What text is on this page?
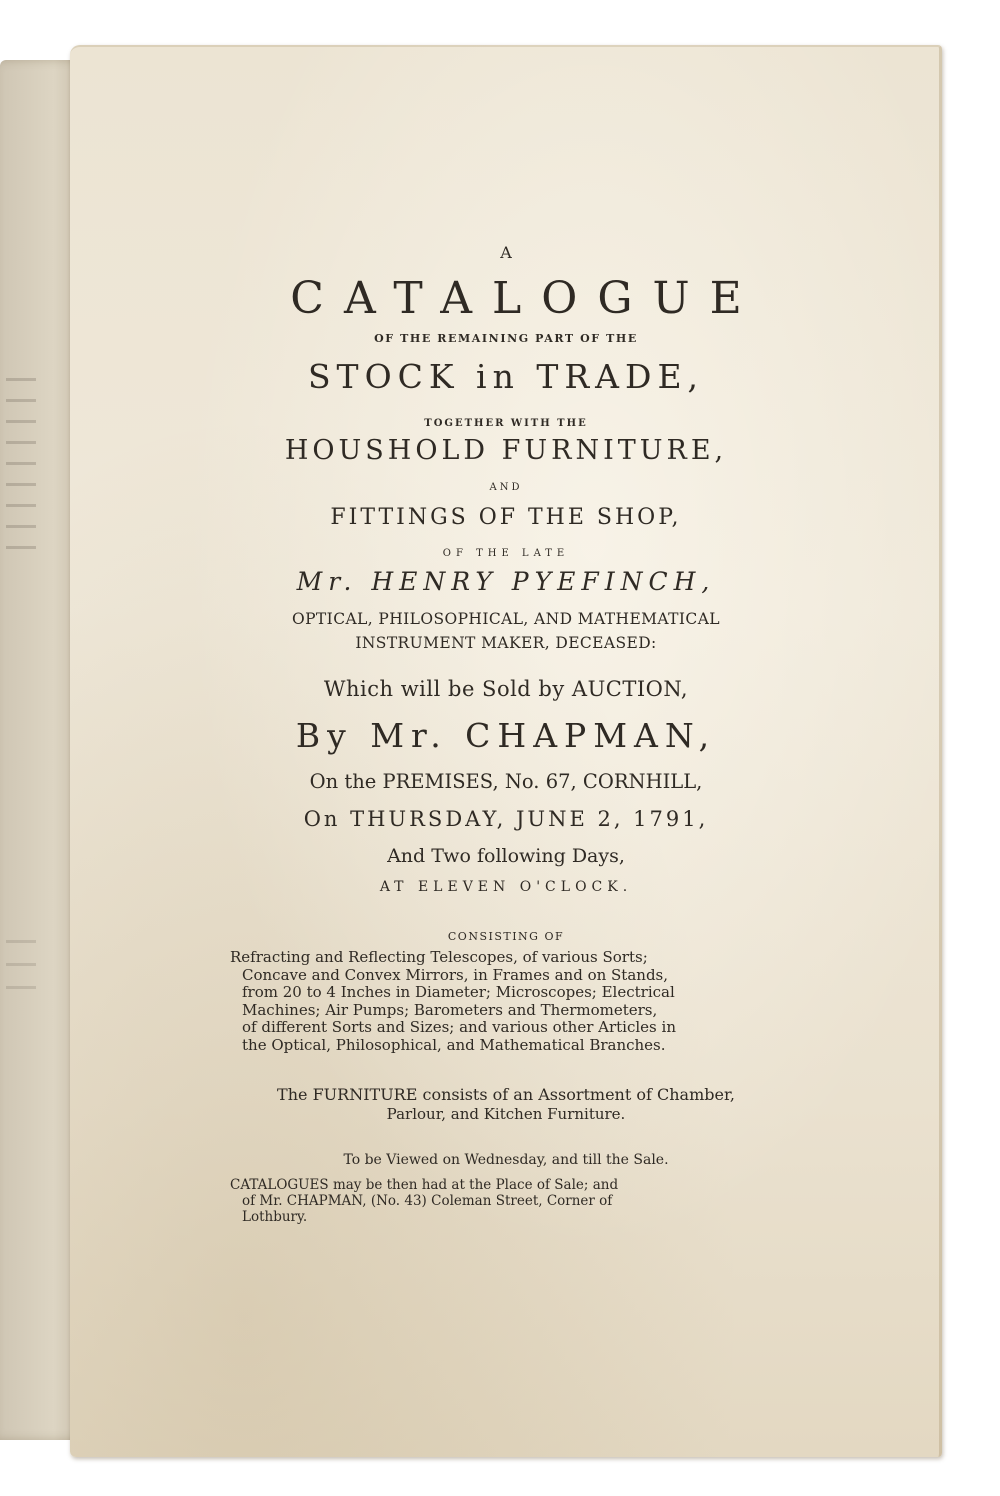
A
CATALOGUE
OF THE REMAINING PART OF THE
STOCK in TRADE,
TOGETHER WITH THE
HOUSHOLD FURNITURE,
AND
FITTINGS OF THE SHOP,
OF THE LATE
Mr. HENRY PYEFINCH,
OPTICAL, PHILOSOPHICAL, AND MATHEMATICAL
INSTRUMENT MAKER, DECEASED:
Which will be Sold by AUCTION,
By Mr. CHAPMAN,
On the PREMISES, No. 67, CORNHILL,
On THURSDAY, JUNE 2, 1791,
And Two following Days,
AT ELEVEN O'CLOCK.
CONSISTING OF
Refracting and Reflecting Telescopes, of various Sorts;
Concave and Convex Mirrors, in Frames and on Stands,
from 20 to 4 Inches in Diameter; Microscopes; Electrical
Machines; Air Pumps; Barometers and Thermometers,
of different Sorts and Sizes; and various other Articles in
the Optical, Philosophical, and Mathematical Branches.
The FURNITURE consists of an Assortment of Chamber,
Parlour, and Kitchen Furniture.
To be Viewed on Wednesday, and till the Sale.
CATALOGUES may be then had at the Place of Sale; and
of Mr. CHAPMAN, (No. 43) Coleman Street, Corner of
Lothbury.
